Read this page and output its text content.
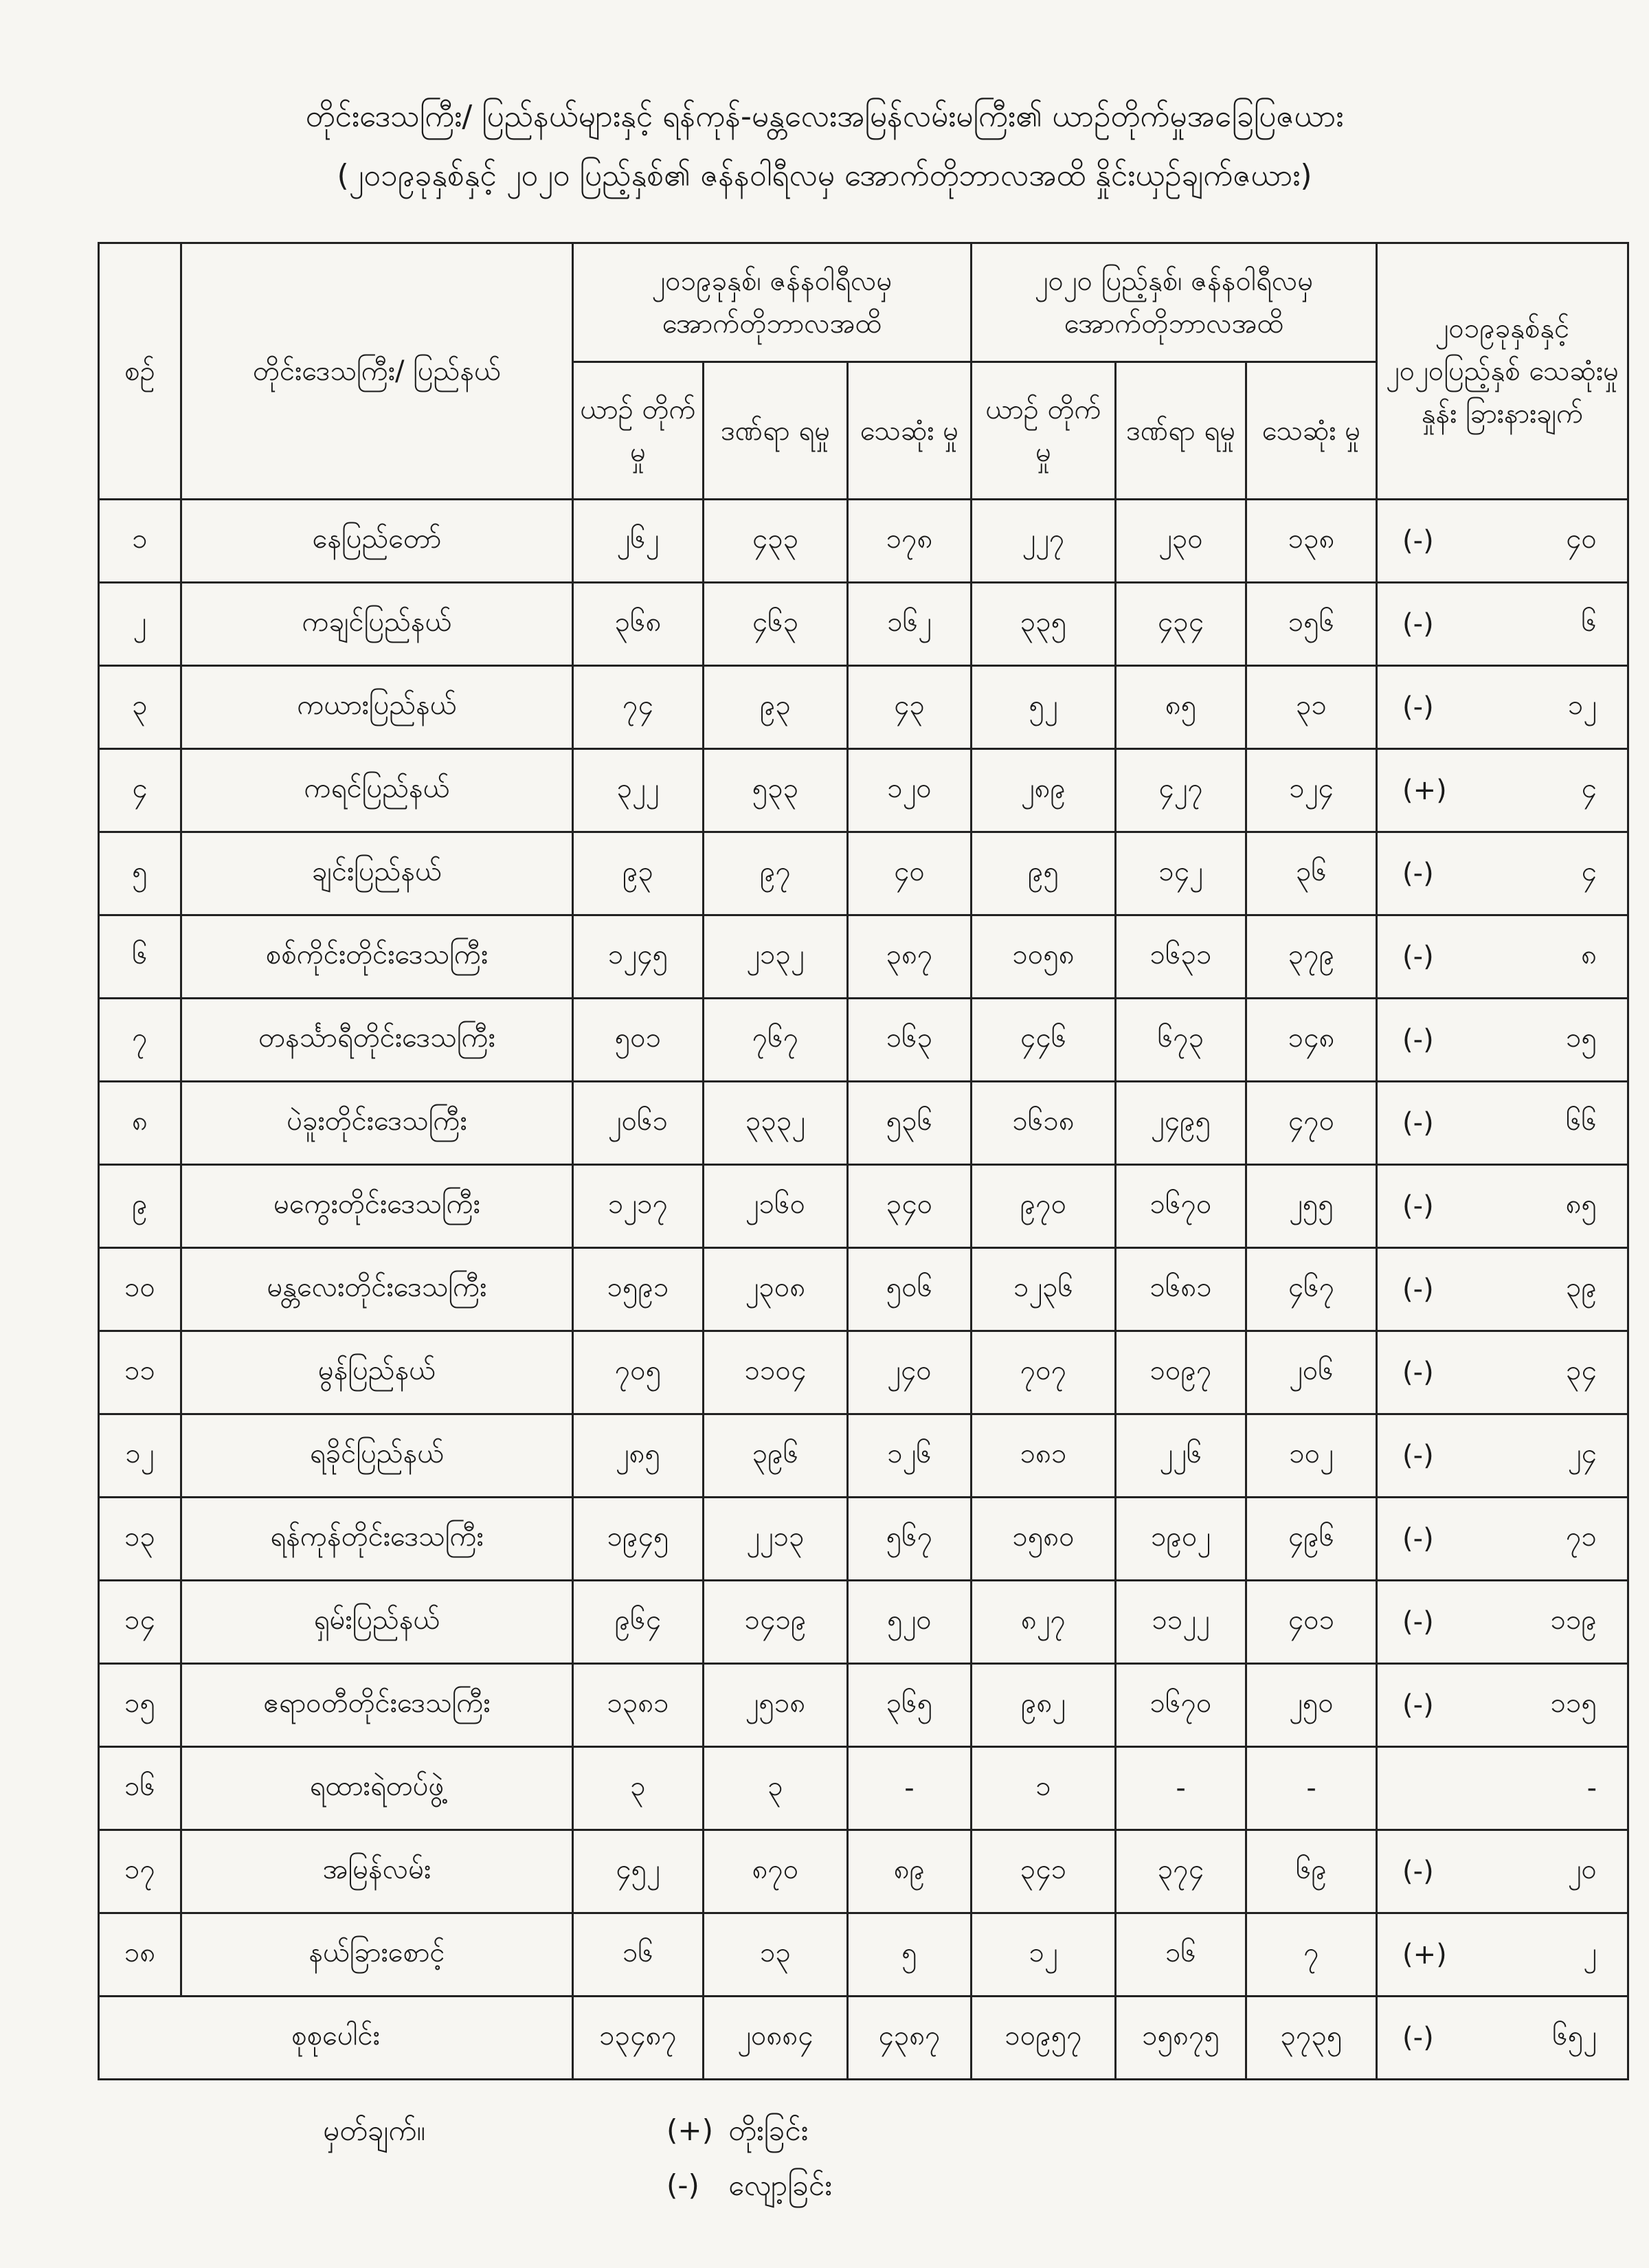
တိုင်းဒေသကြီး/ ပြည်နယ်များနှင့် ရန်ကုန်-မန္တလေးအမြန်လမ်းမကြီး၏ ယာဉ်တိုက်မှုအခြေပြဇယား
(၂၀၁၉ခုနှစ်နှင့် ၂၀၂၀ ပြည့်နှစ်၏ ဇန်နဝါရီလမှ အောက်တိုဘာလအထိ နှိုင်းယှဉ်ချက်ဇယား)
စဉ်	တိုင်းဒေသကြီး/ ပြည်နယ်	၂၀၁၉ခုနှစ်၊ ဇန်နဝါရီလမှ အောက်တိုဘာလအထိ			၂၀၂၀ ပြည့်နှစ်၊ ဇန်နဝါရီလမှ အောက်တိုဘာလအထိ			၂၀၁၉ခုနှစ်နှင့် ၂၀၂၀ပြည့်နှစ် သေဆုံးမှုနှုန်း ခြားနားချက်
		ယာဉ် တိုက်မှု	ဒဏ်ရာ ရမှု	သေဆုံး မှု	ယာဉ် တိုက်မှု	ဒဏ်ရာ ရမှု	သေဆုံး မှု	
၁	နေပြည်တော်	၂၆၂	၄၃၃	၁၇၈	၂၂၇	၂၃၀	၁၃၈	(-) ၄၀

၂	ကချင်ပြည်နယ်	၃၆၈	၄၆၃	၁၆၂	၃၃၅	၄၃၄	၁၅၆	(-) ၆

၃	ကယားပြည်နယ်	၇၄	၉၃	၄၃	၅၂	၈၅	၃၁	(-) ၁၂

၄	ကရင်ပြည်နယ်	၃၂၂	၅၃၃	၁၂၀	၂၈၉	၄၂၇	၁၂၄	(+) ၄

၅	ချင်းပြည်နယ်	၉၃	၉၇	၄၀	၉၅	၁၄၂	၃၆	(-) ၄

၆	စစ်ကိုင်းတိုင်းဒေသကြီး	၁၂၄၅	၂၁၃၂	၃၈၇	၁၀၅၈	၁၆၃၁	၃၇၉	(-) ၈

၇	တနင်္သာရီတိုင်းဒေသကြီး	၅၀၁	၇၆၇	၁၆၃	၄၄၆	၆၇၃	၁၄၈	(-) ၁၅

၈	ပဲခူးတိုင်းဒေသကြီး	၂၀၆၁	၃၃၃၂	၅၃၆	၁၆၁၈	၂၄၉၅	၄၇၀	(-) ၆၆

၉	မကွေးတိုင်းဒေသကြီး	၁၂၁၇	၂၁၆၀	၃၄၀	၉၇၀	၁၆၇၀	၂၅၅	(-) ၈၅

၁၀	မန္တလေးတိုင်းဒေသကြီး	၁၅၉၁	၂၃၀၈	၅၀၆	၁၂၃၆	၁၆၈၁	၄၆၇	(-) ၃၉

၁၁	မွန်ပြည်နယ်	၇၀၅	၁၁၀၄	၂၄၀	၇၀၇	၁၀၉၇	၂၀၆	(-) ၃၄

၁၂	ရခိုင်ပြည်နယ်	၂၈၅	၃၉၆	၁၂၆	၁၈၁	၂၂၆	၁၀၂	(-) ၂၄

၁၃	ရန်ကုန်တိုင်းဒေသကြီး	၁၉၄၅	၂၂၁၃	၅၆၇	၁၅၈၀	၁၉၀၂	၄၉၆	(-) ၇၁

၁၄	ရှမ်းပြည်နယ်	၉၆၄	၁၄၁၉	၅၂၀	၈၂၇	၁၁၂၂	၄၀၁	(-) ၁၁၉

၁၅	ဧရာဝတီတိုင်းဒေသကြီး	၁၃၈၁	၂၅၁၈	၃၆၅	၉၈၂	၁၆၇၀	၂၅၀	(-) ၁၁၅

၁၆	ရထားရဲတပ်ဖွဲ့	၃	၃	-	၁	-	-	-

၁၇	အမြန်လမ်း	၄၅၂	၈၇၀	၈၉	၃၄၁	၃၇၄	၆၉	(-) ၂၀

၁၈	နယ်ခြားစောင့်	၁၆	၁၃	၅	၁၂	၁၆	၇	(+) ၂

စုစုပေါင်း		၁၃၄၈၇	၂၀၈၈၄	၄၃၈၇	၁၀၉၅၇	၁၅၈၇၅	၃၇၃၅	(-) ၆၅၂
မှတ်ချက်။	(+) တိုးခြင်း
(-)	လျော့ခြင်း
